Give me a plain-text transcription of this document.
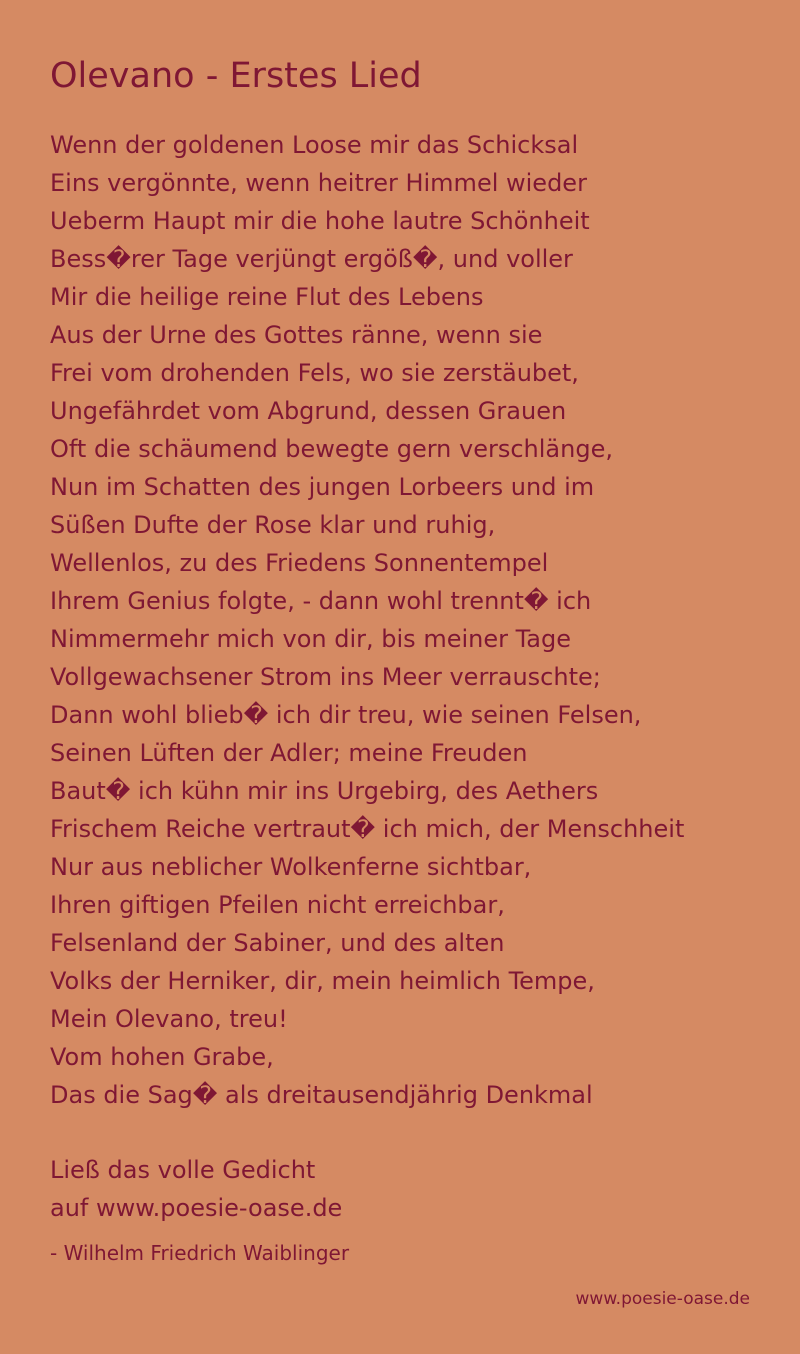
Olevano - Erstes Lied
Wenn der goldenen Loose mir das Schicksal
Eins vergönnte, wenn heitrer Himmel wieder
Ueberm Haupt mir die hohe lautre Schönheit
Bess�rer Tage verjüngt ergöß�, und voller
Mir die heilige reine Flut des Lebens
Aus der Urne des Gottes ränne, wenn sie
Frei vom drohenden Fels, wo sie zerstäubet,
Ungefährdet vom Abgrund, dessen Grauen
Oft die schäumend bewegte gern verschlänge,
Nun im Schatten des jungen Lorbeers und im
Süßen Dufte der Rose klar und ruhig,
Wellenlos, zu des Friedens Sonnentempel
Ihrem Genius folgte, - dann wohl trennt� ich
Nimmermehr mich von dir, bis meiner Tage
Vollgewachsener Strom ins Meer verrauschte;
Dann wohl blieb� ich dir treu, wie seinen Felsen,
Seinen Lüften der Adler; meine Freuden
Baut� ich kühn mir ins Urgebirg, des Aethers
Frischem Reiche vertraut� ich mich, der Menschheit
Nur aus neblicher Wolkenferne sichtbar,
Ihren giftigen Pfeilen nicht erreichbar,
Felsenland der Sabiner, und des alten
Volks der Herniker, dir, mein heimlich Tempe,
Mein Olevano, treu!
Vom hohen Grabe,
Das die Sag� als dreitausendjährig Denkmal
Ließ das volle Gedicht
auf www.poesie-oase.de
- Wilhelm Friedrich Waiblinger
www.poesie-oase.de
